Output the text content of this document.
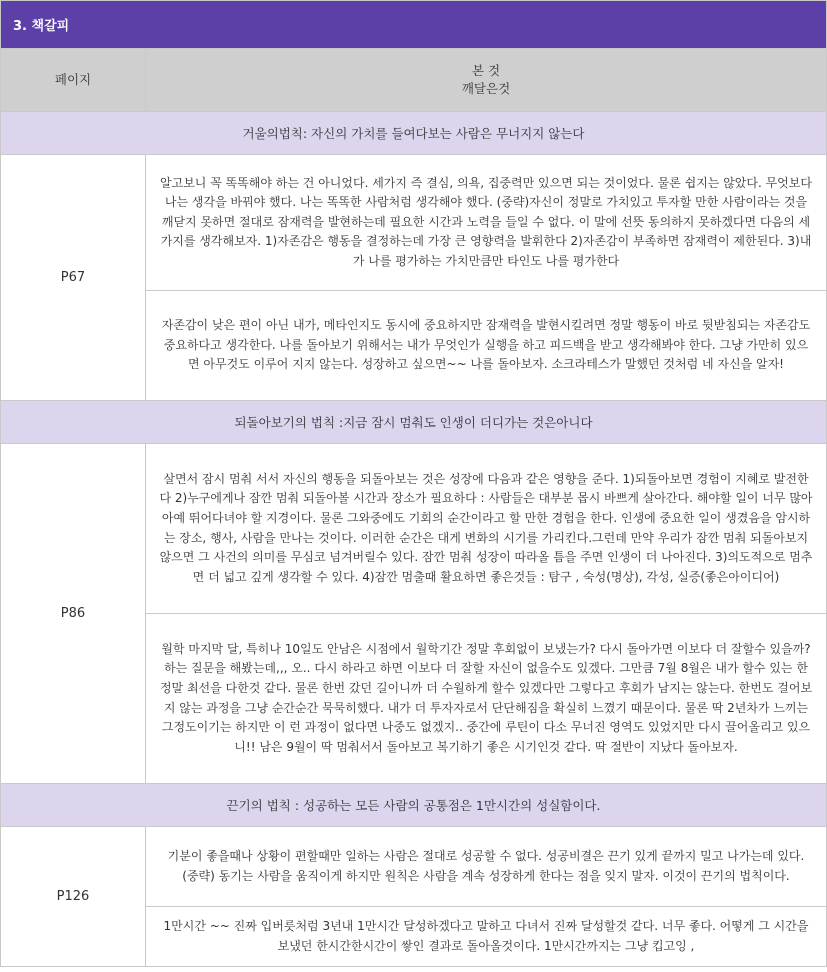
3. 책갈피	
페이지	본 것
깨달은것

거울의법칙: 자신의 가치를 들여다보는 사람은 무너지지 않는다	
P67	알고보니 꼭 똑똑해야 하는 건 아니었다. 세가지 즉 결심, 의욕, 집중력만 있으면 되는 것이었다. 물론 쉽지는 않았다. 무엇보다 나는 생각을 바꿔야 했다. 나는 똑똑한 사람처럼 생각해야 했다. (중략)자신이 정말로 가치있고 투자할 만한 사람이라는 것을 깨닫지 못하면 절대로 잠재력을 발현하는데 필요한 시간과 노력을 들일 수 없다. 이 말에 선뜻 동의하지 못하겠다면 다음의 세 가지를 생각해보자. 1)자존감은 행동을 결정하는데 가장 큰 영향력을 발휘한다 2)자존감이 부족하면 잠재력이 제한된다. 3)내가 나를 평가하는 가치만큼만 타인도 나를 평가한다
	자존감이 낮은 편이 아닌 내가, 메타인지도 동시에 중요하지만 잠재력을 발현시킬려면 정말 행동이 바로 뒷받침되는 자존감도 중요하다고 생각한다. 나를 돌아보기 위해서는 내가 무엇인가 실행을 하고 피드백을 받고 생각해봐야 한다. 그냥 가만히 있으면 아무것도 이루어 지지 않는다. 성장하고 싶으면~~ 나를 돌아보자. 소크라테스가 말했던 것처럼 네 자신을 알자!
되돌아보기의 법칙 :지금 잠시 멈춰도 인생이 더디가는 것은아니다	
P86	살면서 잠시 멈춰 서서 자신의 행동을 되돌아보는 것은 성장에 다음과 같은 영향을 준다. 1)되돌아보면 경험이 지혜로 발전한다 2)누구에게나 잠깐 멈춰 되돌아볼 시간과 장소가 필요하다 : 사람들은 대부분 몹시 바쁘게 살아간다. 해야할 일이 너무 많아 아예 뛰어다녀야 할 지경이다. 물론 그와중에도 기회의 순간이라고 할 만한 경험을 한다. 인생에 중요한 일이 생겼음을 암시하는 장소, 행사, 사람을 만나는 것이다. 이러한 순간은 대게 변화의 시기를 가리킨다.그런데 만약 우리가 잠깐 멈춰 되돌아보지 않으면 그 사건의 의미를 무심코 넘겨버릴수 있다. 잠깐 멈춰 성장이 따라올 틈을 주면 인생이 더 나아진다. 3)의도적으로 멈추면 더 넓고 깊게 생각할 수 있다. 4)잠깐 멈출때 활요하면 좋은것들 : 탐구 , 숙성(명상), 각성, 실증(좋은아이디어)
	월학 마지막 달, 특히나 10일도 안남은 시점에서 월학기간 정말 후회없이 보냈는가? 다시 돌아가면 이보다 더 잘할수 있을까? 하는 질문을 해봤는데,,, 오.. 다시 하라고 하면 이보다 더 잘할 자신이 없을수도 있겠다. 그만큼 7월 8월은 내가 할수 있는 한 정말 최선을 다한것 같다. 물론 한번 갔던 길이니까 더 수월하게 할수 있겠다만 그렇다고 후회가 남지는 않는다. 한번도 걸어보지 않는 과정을 그냥 순간순간 묵묵히했다. 내가 더 투자자로서 단단해짐을 확실히 느꼈기 때문이다. 물론 딱 2년차가 느끼는 그정도이기는 하지만 이 런 과정이 없다면 나중도 없겠지.. 중간에 루틴이 다소 무너진 영역도 있었지만 다시 끌어올리고 있으니!! 남은 9월이 딱 멈춰서서 돌아보고 복기하기 좋은 시기인것 같다. 딱 절반이 지났다 돌아보자.
끈기의 법칙 : 성공하는 모든 사람의 공통점은 1만시간의 성실함이다.	
P126	기분이 좋을때나 상황이 편할때만 일하는 사람은 절대로 성공할 수 없다. 성공비결은 끈기 있게 끝까지 밀고 나가는데 있다. (중략) 동기는 사람을 움직이게 하지만 원칙은 사람을 계속 성장하게 한다는 점을 잊지 말자. 이것이 끈기의 법칙이다.
	1만시간 ~~ 진짜 입버릇처럼 3년내 1만시간 달성하겠다고 말하고 다녀서 진짜 달성할것 같다. 너무 좋다. 어떻게 그 시간을 보냈던 한시간한시간이 쌓인 결과로 돌아올것이다. 1만시간까지는 그냥 킵고잉 ,
